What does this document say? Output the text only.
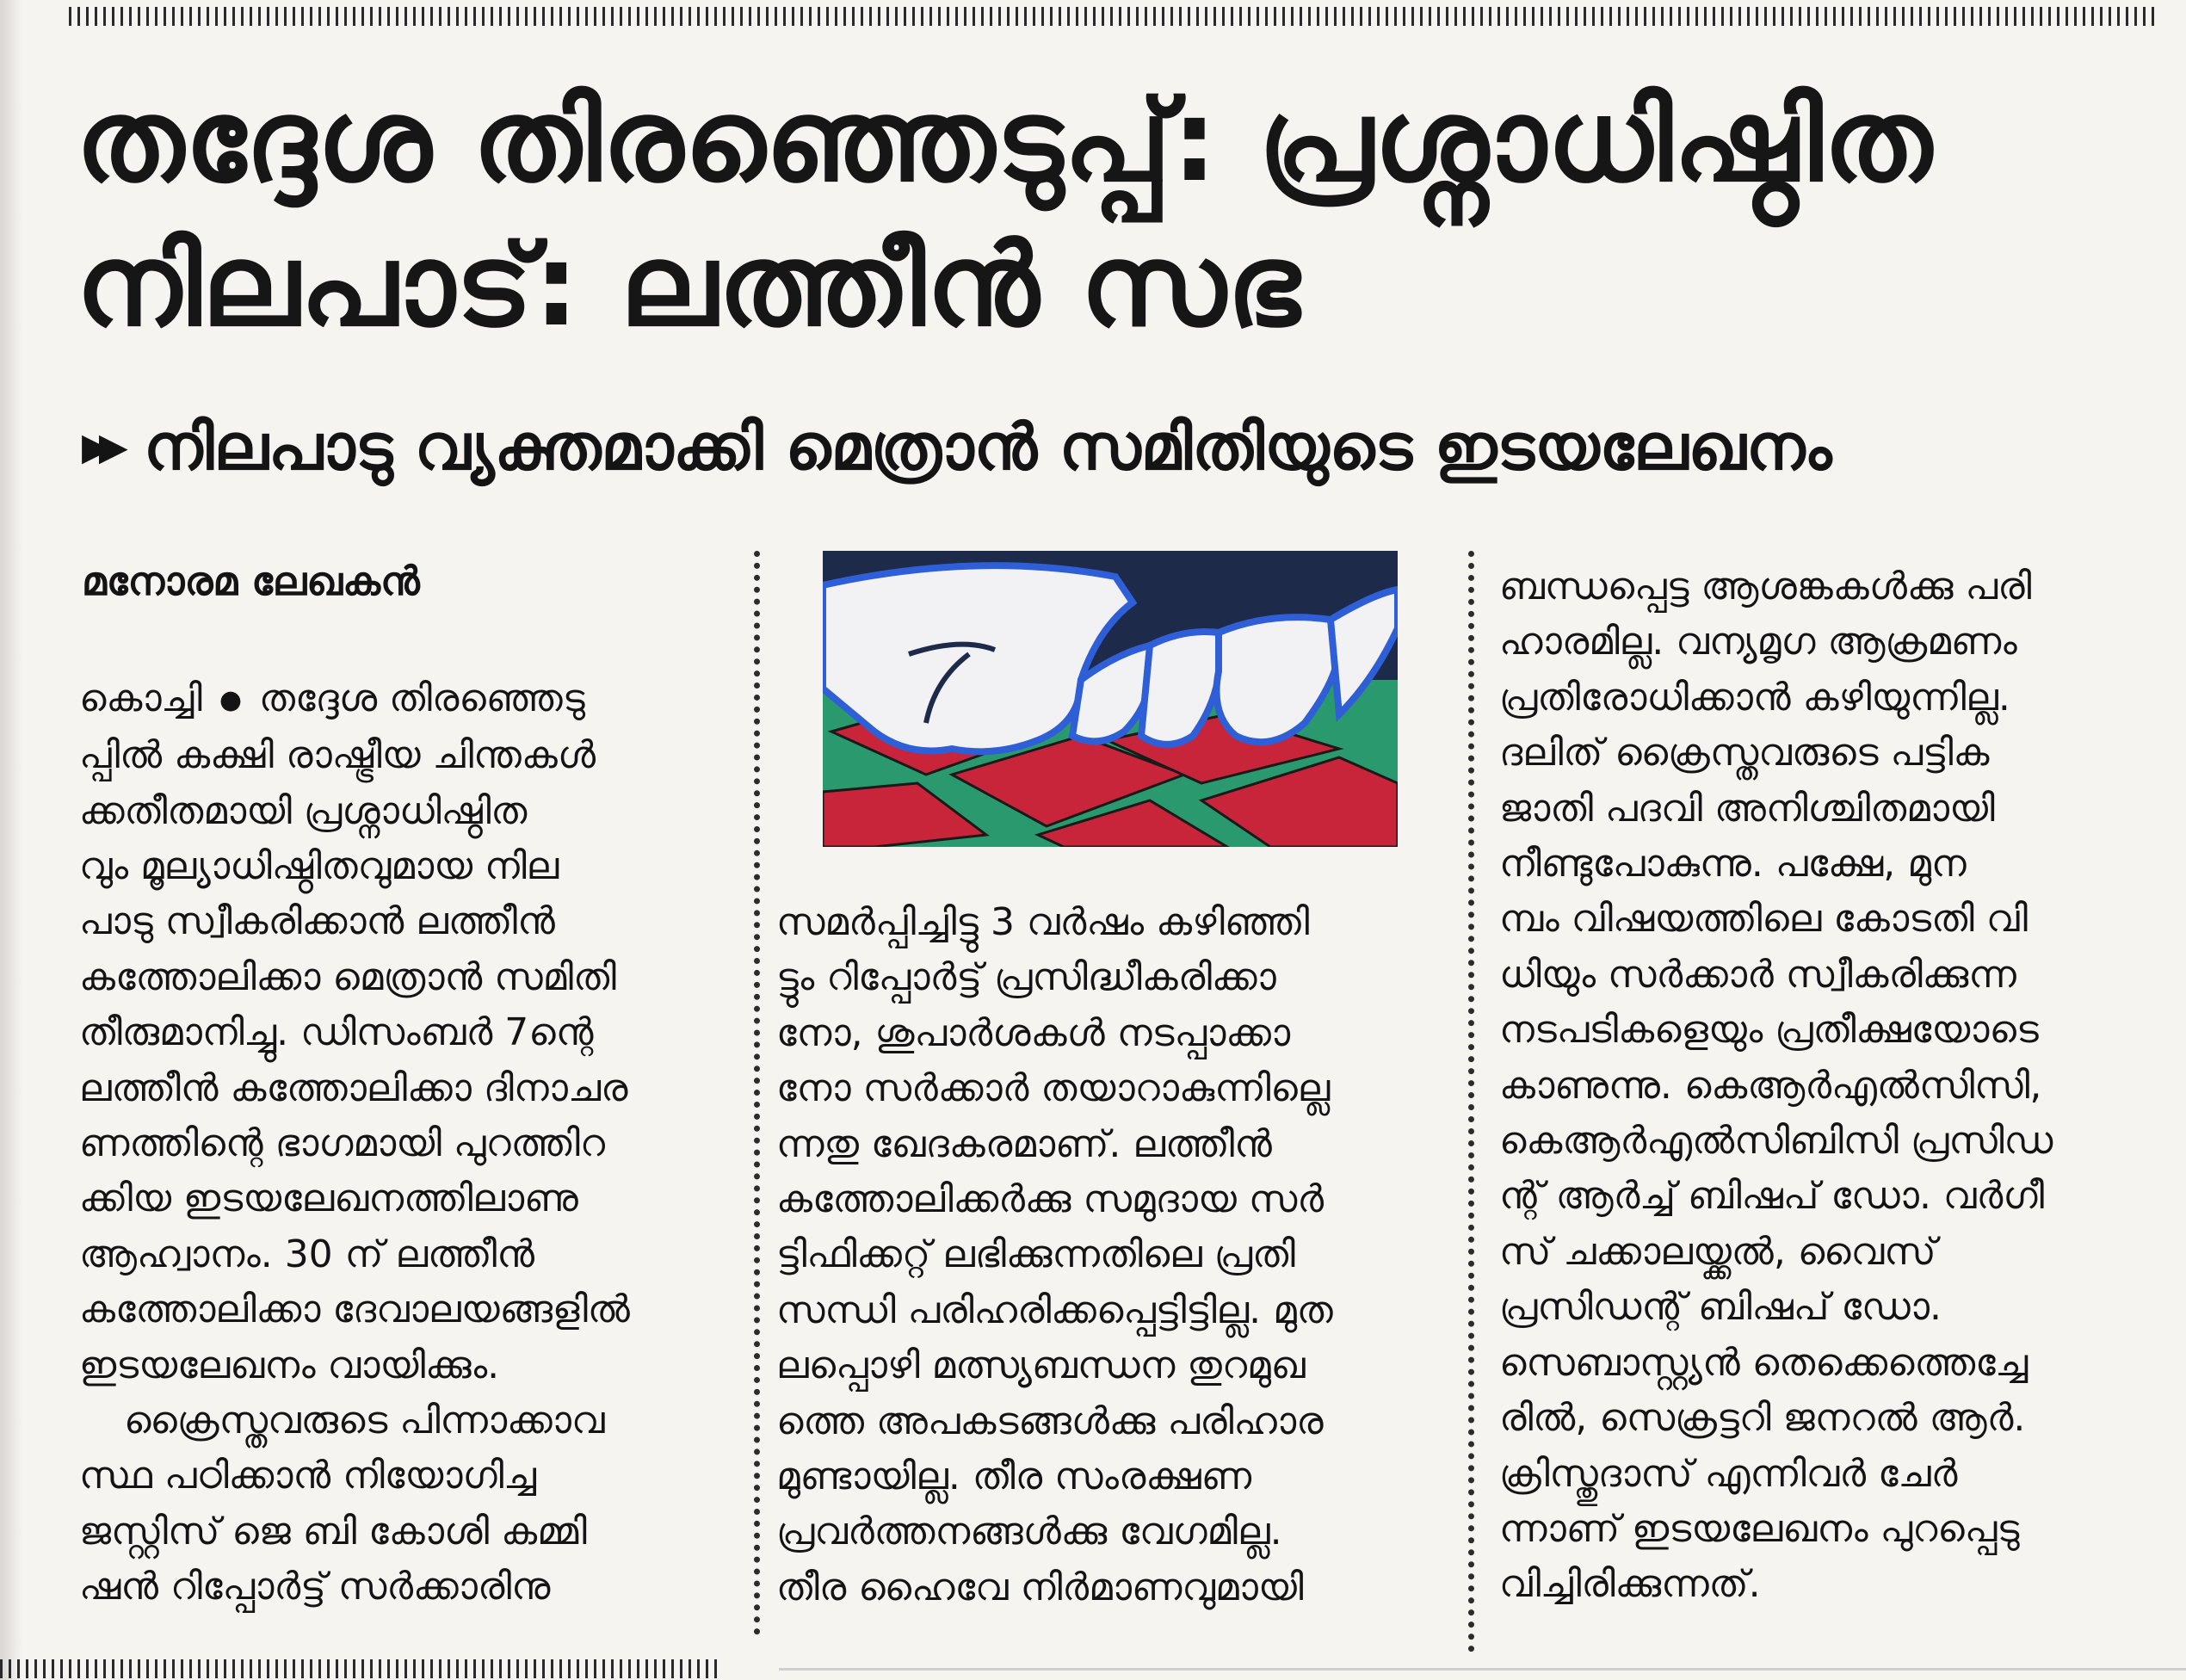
തദ്ദേശ തിരഞ്ഞെടുപ്പ്: പ്രശ്നാധിഷ്ഠിത
നിലപാട്: ലത്തീൻ സഭ
▶▶ നിലപാടു വ്യക്തമാക്കി മെത്രാൻ സമിതിയുടെ ഇടയലേഖനം
മനോരമ ലേഖകൻ

കൊച്ചി ● തദ്ദേശ തിരഞ്ഞെടു
പ്പിൽ കക്ഷി രാഷ്ട്രീയ ചിന്തകൾ
ക്കതീതമായി പ്രശ്നാധിഷ്ഠിത
വും മൂല്യാധിഷ്ഠിതവുമായ നില
പാടു സ്വീകരിക്കാൻ ലത്തീൻ
കത്തോലിക്കാ മെത്രാൻ സമിതി
തീരുമാനിച്ചു. ഡിസംബർ 7ന്റെ
ലത്തീൻ കത്തോലിക്കാ ദിനാചര
ണത്തിന്റെ ഭാഗമായി പുറത്തിറ
ക്കിയ ഇടയലേഖനത്തിലാണു
ആഹ്വാനം. 30 ന് ലത്തീൻ
കത്തോലിക്കാ ദേവാലയങ്ങളിൽ
ഇടയലേഖനം വായിക്കും.

ക്രൈസ്തവരുടെ പിന്നാക്കാവ
സ്ഥ പഠിക്കാൻ നിയോഗിച്ച
ജസ്റ്റിസ് ജെ ബി കോശി കമ്മി
ഷൻ റിപ്പോർട്ട് സർക്കാരിനു

സമർപ്പിച്ചിട്ടു 3 വർഷം കഴിഞ്ഞി
ട്ടും റിപ്പോർട്ട് പ്രസിദ്ധീകരിക്കാ
നോ, ശുപാർശകൾ നടപ്പാക്കാ
നോ സർക്കാർ തയാറാകുന്നില്ലെ
ന്നതു ഖേദകരമാണ്. ലത്തീൻ
കത്തോലിക്കർക്കു സമുദായ സർ
ട്ടിഫിക്കറ്റ് ലഭിക്കുന്നതിലെ പ്രതി
സന്ധി പരിഹരിക്കപ്പെട്ടിട്ടില്ല. മുത
ലപ്പൊഴി മത്സ്യബന്ധന തുറമുഖ
ത്തെ അപകടങ്ങൾക്കു പരിഹാര
മുണ്ടായില്ല. തീര സംരക്ഷണ
പ്രവർത്തനങ്ങൾക്കു വേഗമില്ല.
തീര ഹൈവേ നിർമാണവുമായി

ബന്ധപ്പെട്ട ആശങ്കകൾക്കു പരി
ഹാരമില്ല. വന്യമൃഗ ആക്രമണം
പ്രതിരോധിക്കാൻ കഴിയുന്നില്ല.
ദലിത് ക്രൈസ്തവരുടെ പട്ടിക
ജാതി പദവി അനിശ്ചിതമായി
നീണ്ടുപോകുന്നു. പക്ഷേ, മുന
മ്പം വിഷയത്തിലെ കോടതി വി
ധിയും സർക്കാർ സ്വീകരിക്കുന്ന
നടപടികളെയും പ്രതീക്ഷയോടെ
കാണുന്നു. കെആർഎൽസിസി,
കെആർഎൽസിബിസി പ്രസിഡ
ന്റ് ആർച്ച് ബിഷപ് ഡോ. വർഗീ
സ് ചക്കാലയ്ക്കൽ, വൈസ്
പ്രസിഡന്റ് ബിഷപ് ഡോ.
സെബാസ്റ്റ്യൻ തെക്കെത്തെച്ചേ
രിൽ, സെക്രട്ടറി ജനറൽ ആർ.
ക്രിസ്തുദാസ് എന്നിവർ ചേർ
ന്നാണ് ഇടയലേഖനം പുറപ്പെടു
വിച്ചിരിക്കുന്നത്.
